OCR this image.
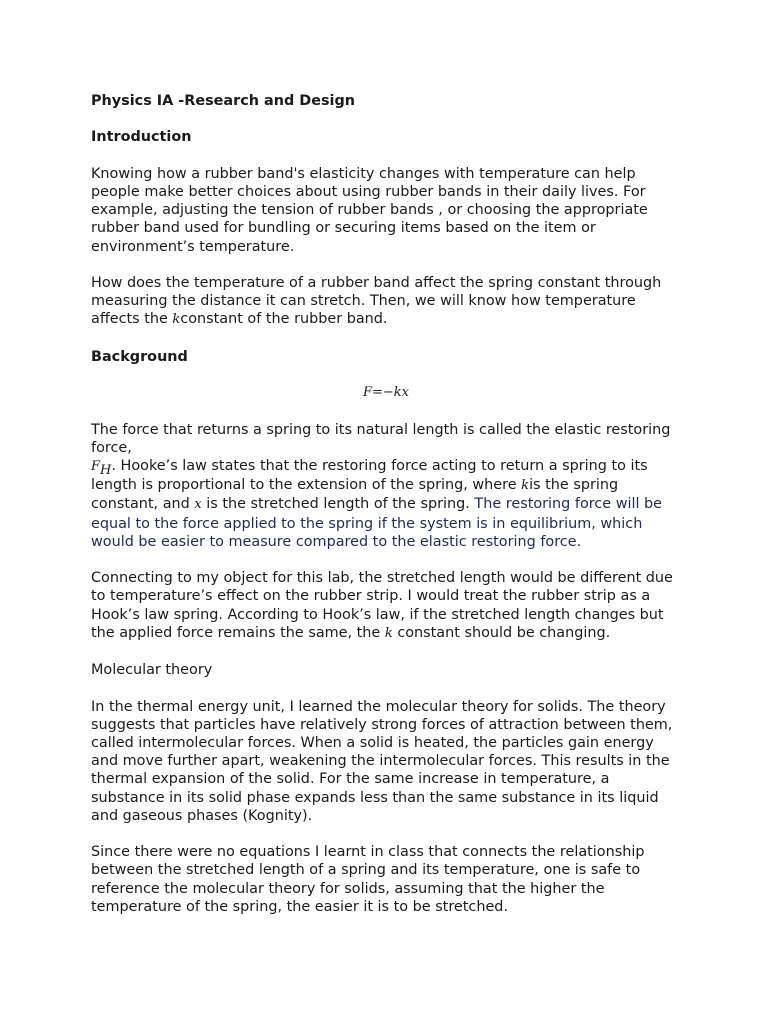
Physics IA -Research and Design
Introduction

Knowing how a rubber band's elasticity changes with temperature can help people make better choices about using rubber bands in their daily lives. For example, adjusting the tension of rubber bands , or choosing the appropriate rubber band used for bundling or securing items based on the item or environment’s temperature.

How does the temperature of a rubber band affect the spring constant through measuring the distance it can stretch. Then, we will know how temperature affects the kconstant of the rubber band.

Background

F=−kx

The force that returns a spring to its natural length is called the elastic restoring force,
$F_H$. Hooke’s law states that the restoring force acting to return a spring to its length is proportional to the extension of the spring, where kis the spring constant, and x is the stretched length of the spring. The restoring force will be equal to the force applied to the spring if the system is in equilibrium, which would be easier to measure compared to the elastic restoring force.

Connecting to my object for this lab, the stretched length would be different due to temperature’s effect on the rubber strip. I would treat the rubber strip as a Hook’s law spring. According to Hook’s law, if the stretched length changes but the applied force remains the same, the k constant should be changing.

Molecular theory

In the thermal energy unit, I learned the molecular theory for solids. The theory suggests that particles have relatively strong forces of attraction between them, called intermolecular forces. When a solid is heated, the particles gain energy and move further apart, weakening the intermolecular forces. This results in the thermal expansion of the solid. For the same increase in temperature, a substance in its solid phase expands less than the same substance in its liquid and gaseous phases (Kognity).

Since there were no equations I learnt in class that connects the relationship between the stretched length of a spring and its temperature, one is safe to reference the molecular theory for solids, assuming that the higher the temperature of the spring, the easier it is to be stretched.
